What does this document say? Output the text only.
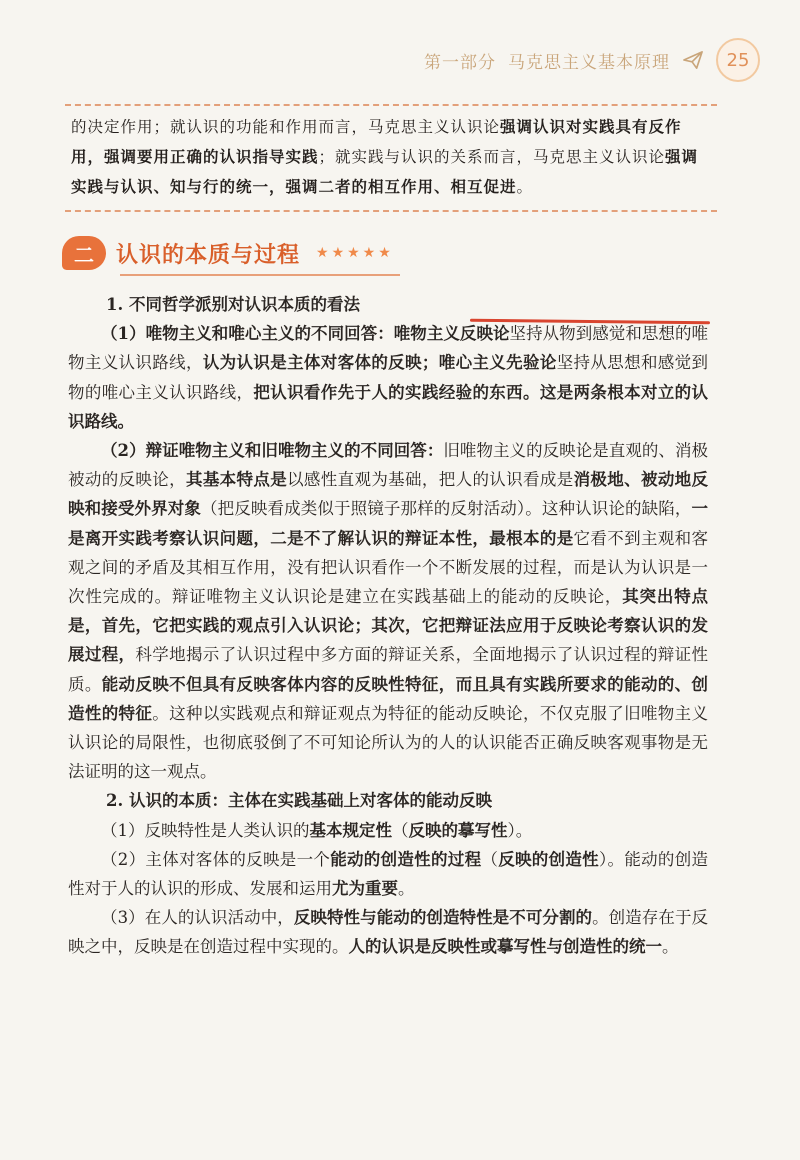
第一部分 马克思主义基本原理	25

的决定作用；就认识的功能和作用而言，马克思主义认识论强调认识对实践具有反作用，强调要用正确的认识指导实践；就实践与认识的关系而言，马克思主义认识论强调实践与认识、知与行的统一，强调二者的相互作用、相互促进。

二	认识的本质与过程 ★★★★★

1. 不同哲学派别对认识本质的看法

（1）唯物主义和唯心主义的不同回答：唯物主义反映论坚持从物到感觉和思想的唯物主义认识路线，认为认识是主体对客体的反映；唯心主义先验论坚持从思想和感觉到物的唯心主义认识路线，把认识看作先于人的实践经验的东西。这是两条根本对立的认识路线。

（2）辩证唯物主义和旧唯物主义的不同回答：旧唯物主义的反映论是直观的、消极被动的反映论，其基本特点是以感性直观为基础，把人的认识看成是消极地、被动地反映和接受外界对象（把反映看成类似于照镜子那样的反射活动）。这种认识论的缺陷，一是离开实践考察认识问题，二是不了解认识的辩证本性，最根本的是它看不到主观和客观之间的矛盾及其相互作用，没有把认识看作一个不断发展的过程，而是认为认识是一次性完成的。辩证唯物主义认识论是建立在实践基础上的能动的反映论，其突出特点是，首先，它把实践的观点引入认识论；其次，它把辩证法应用于反映论考察认识的发展过程，科学地揭示了认识过程中多方面的辩证关系，全面地揭示了认识过程的辩证性质。能动反映不但具有反映客体内容的反映性特征，而且具有实践所要求的能动的、创造性的特征。这种以实践观点和辩证观点为特征的能动反映论，不仅克服了旧唯物主义认识论的局限性，也彻底驳倒了不可知论所认为的人的认识能否正确反映客观事物是无法证明的这一观点。

2. 认识的本质：主体在实践基础上对客体的能动反映

（1）反映特性是人类认识的基本规定性（反映的摹写性）。

（2）主体对客体的反映是一个能动的创造性的过程（反映的创造性）。能动的创造性对于人的认识的形成、发展和运用尤为重要。

（3）在人的认识活动中，反映特性与能动的创造特性是不可分割的。创造存在于反映之中，反映是在创造过程中实现的。人的认识是反映性或摹写性与创造性的统一。
